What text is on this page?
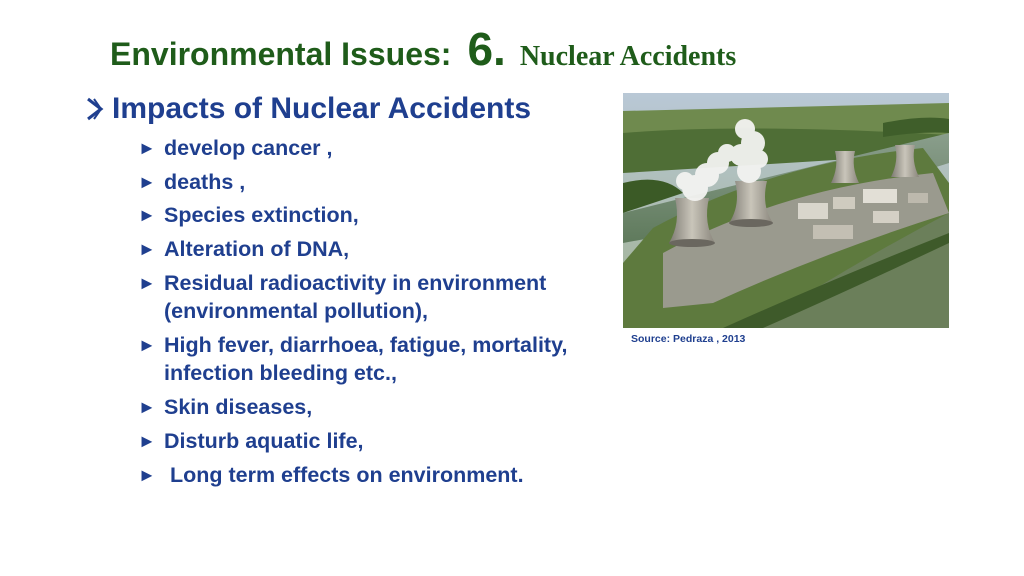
Environmental Issues: 6. Nuclear Accidents
Impacts of Nuclear Accidents
► develop cancer ,
► deaths ,
► Species extinction,
► Alteration of DNA,
► Residual radioactivity in environment (environmental pollution),
► High fever, diarrhoea, fatigue, mortality, infection bleeding etc.,
► Skin diseases,
► Disturb aquatic life,
► Long term effects on environment.
Source: Pedraza , 2013
